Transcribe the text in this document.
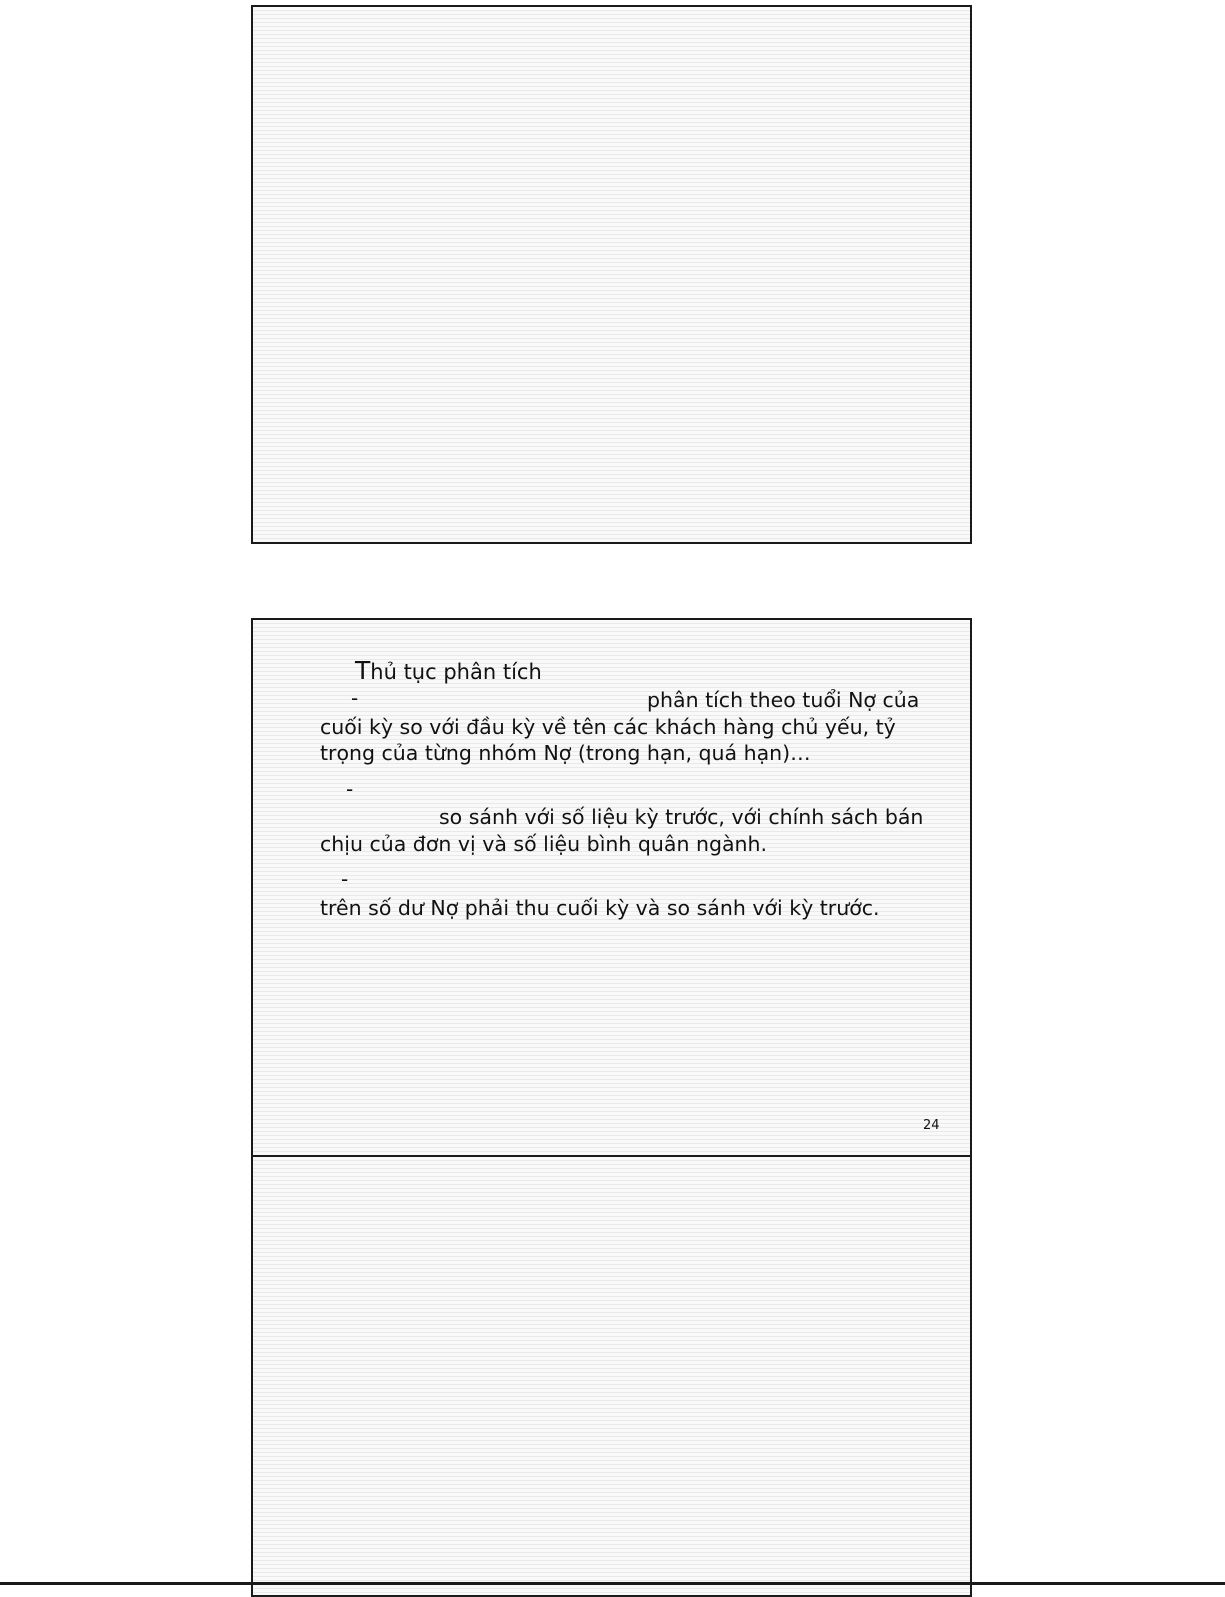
Thủ tục phân tích
-	phân tích theo tuổi Nợ của
cuối kỳ so với đầu kỳ về tên các khách hàng chủ yếu, tỷ
trọng của từng nhóm Nợ (trong hạn, quá hạn)…
-
so sánh với số liệu kỳ trước, với chính sách bán
chịu của đơn vị và số liệu bình quân ngành.
-
trên số dư Nợ phải thu cuối kỳ và so sánh với kỳ trước.
24
